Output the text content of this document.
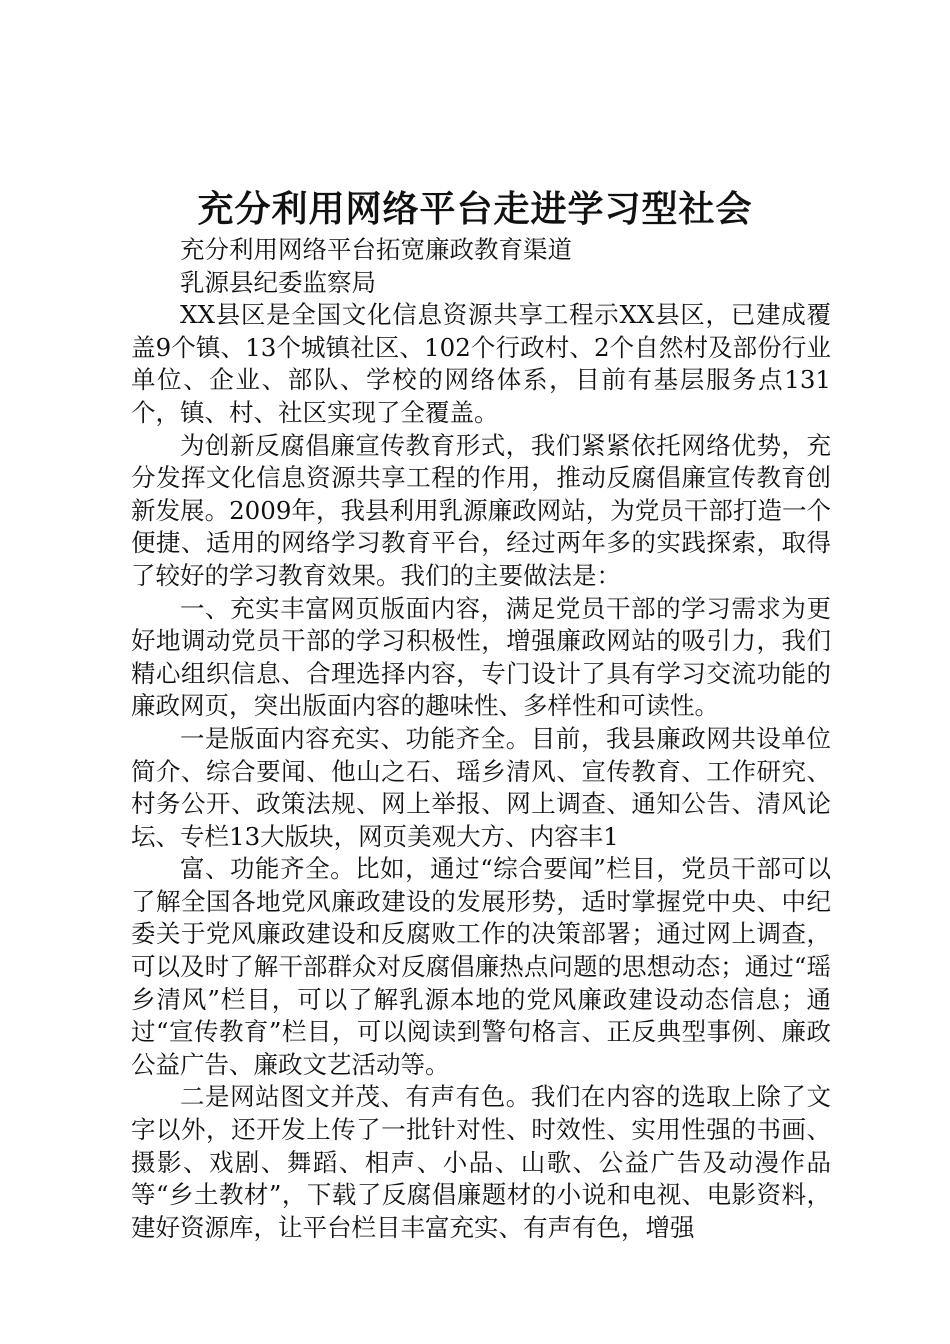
充分利用网络平台走进学习型社会

充分利用网络平台拓宽廉政教育渠道

乳源县纪委监察局

XX县区是全国文化信息资源共享工程示XX县区，已建成覆盖9个镇、13个城镇社区、102个行政村、2个自然村及部份行业单位、企业、部队、学校的网络体系，目前有基层服务点131个，镇、村、社区实现了全覆盖。

为创新反腐倡廉宣传教育形式，我们紧紧依托网络优势，充分发挥文化信息资源共享工程的作用，推动反腐倡廉宣传教育创新发展。2009年，我县利用乳源廉政网站，为党员干部打造一个便捷、适用的网络学习教育平台，经过两年多的实践探索，取得了较好的学习教育效果。我们的主要做法是：

一、充实丰富网页版面内容，满足党员干部的学习需求为更好地调动党员干部的学习积极性，增强廉政网站的吸引力，我们精心组织信息、合理选择内容，专门设计了具有学习交流功能的廉政网页，突出版面内容的趣味性、多样性和可读性。

一是版面内容充实、功能齐全。目前，我县廉政网共设单位简介、综合要闻、他山之石、瑶乡清风、宣传教育、工作研究、村务公开、政策法规、网上举报、网上调查、通知公告、清风论坛、专栏13大版块，网页美观大方、内容丰1

富、功能齐全。比如，通过“综合要闻”栏目，党员干部可以了解全国各地党风廉政建设的发展形势，适时掌握党中央、中纪委关于党风廉政建设和反腐败工作的决策部署；通过网上调查，可以及时了解干部群众对反腐倡廉热点问题的思想动态；通过“瑶乡清风”栏目，可以了解乳源本地的党风廉政建设动态信息；通过“宣传教育”栏目，可以阅读到警句格言、正反典型事例、廉政公益广告、廉政文艺活动等。

二是网站图文并茂、有声有色。我们在内容的选取上除了文字以外，还开发上传了一批针对性、时效性、实用性强的书画、摄影、戏剧、舞蹈、相声、小品、山歌、公益广告及动漫作品等“乡土教材”，下载了反腐倡廉题材的小说和电视、电影资料，建好资源库，让平台栏目丰富充实、有声有色，增强
